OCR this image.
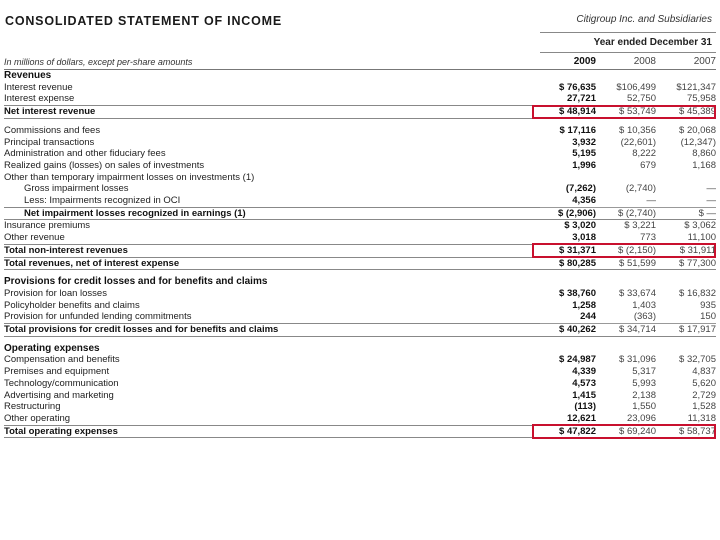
CONSOLIDATED STATEMENT OF INCOME	Citigroup Inc. and Subsidiaries
Year ended December 31
In millions of dollars, except per-share amounts	2009	2008	2007
Revenues			
Interest revenue	$ 76,635	$106,499	$121,347
Interest expense	27,721	52,750	75,958
Net interest revenue	$ 48,914	$ 53,749	$ 45,389

Commissions and fees	$ 17,116	$ 10,356	$ 20,068
Principal transactions	3,932	(22,601)	(12,347)
Administration and other fiduciary fees	5,195	8,222	8,860
Realized gains (losses) on sales of investments	1,996	679	1,168
Other than temporary impairment losses on investments (1)			
Gross impairment losses	(7,262)	(2,740)	—
Less: Impairments recognized in OCI	4,356	—	—
Net impairment losses recognized in earnings (1)	$ (2,906)	$ (2,740)	$ —
Insurance premiums	$ 3,020	$ 3,221	$ 3,062
Other revenue	3,018	773	11,100
Total non-interest revenues	$ 31,371	$ (2,150)	$ 31,911
Total revenues, net of interest expense	$ 80,285	$ 51,599	$ 77,300

Provisions for credit losses and for benefits and claims			
Provision for loan losses	$ 38,760	$ 33,674	$ 16,832
Policyholder benefits and claims	1,258	1,403	935
Provision for unfunded lending commitments	244	(363)	150
Total provisions for credit losses and for benefits and claims	$ 40,262	$ 34,714	$ 17,917

Operating expenses			
Compensation and benefits	$ 24,987	$ 31,096	$ 32,705
Premises and equipment	4,339	5,317	4,837
Technology/communication	4,573	5,993	5,620
Advertising and marketing	1,415	2,138	2,729
Restructuring	(113)	1,550	1,528
Other operating	12,621	23,096	11,318
Total operating expenses	$ 47,822	$ 69,240	$ 58,737
